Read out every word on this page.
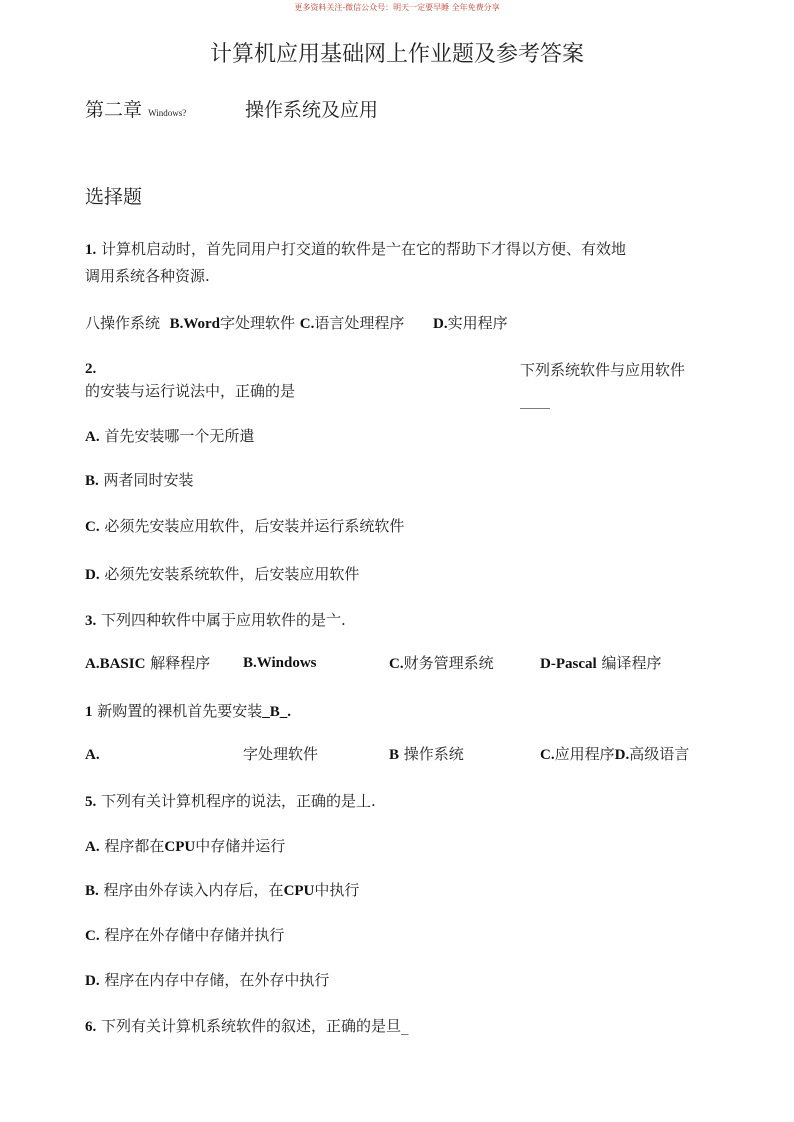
更多资料关注-微信公众号：明天一定要早睡 全年免费分享
计算机应用基础网上作业题及参考答案
第二章 Windows?	操作系统及应用
选择题
1. 计算机启动时，首先同用户打交道的软件是亠在它的帮助下才得以方便、有效地
调用系统各种资源.
八操作系统 B.Word字处理软件 C.语言处理程序 D.实用程序
2.	下列系统软件与应用软件
的安装与运行说法中，正确的是	____
A. 首先安装哪一个无所遣
B. 两者同时安装
C. 必须先安装应用软件，后安装并运行系统软件
D. 必须先安装系统软件，后安装应用软件
3. 下列四种软件中属于应用软件的是亠.
A.BASIC 解释程序 B.Windows	C.财务管理系统	D-Pascal 编译程序
1 新购置的裸机首先要安装_B_.
A.	字处理软件	B 操作系统	C.应用程序D.高级语言
5. 下列有关计算机程序的说法，正确的是丄.
A. 程序都在CPU中存储并运行
B. 程序由外存读入内存后，在CPU中执行
C. 程序在外存储中存储并执行
D. 程序在内存中存储，在外存中执行
6. 下列有关计算机系统软件的叙述，正确的是旦_
